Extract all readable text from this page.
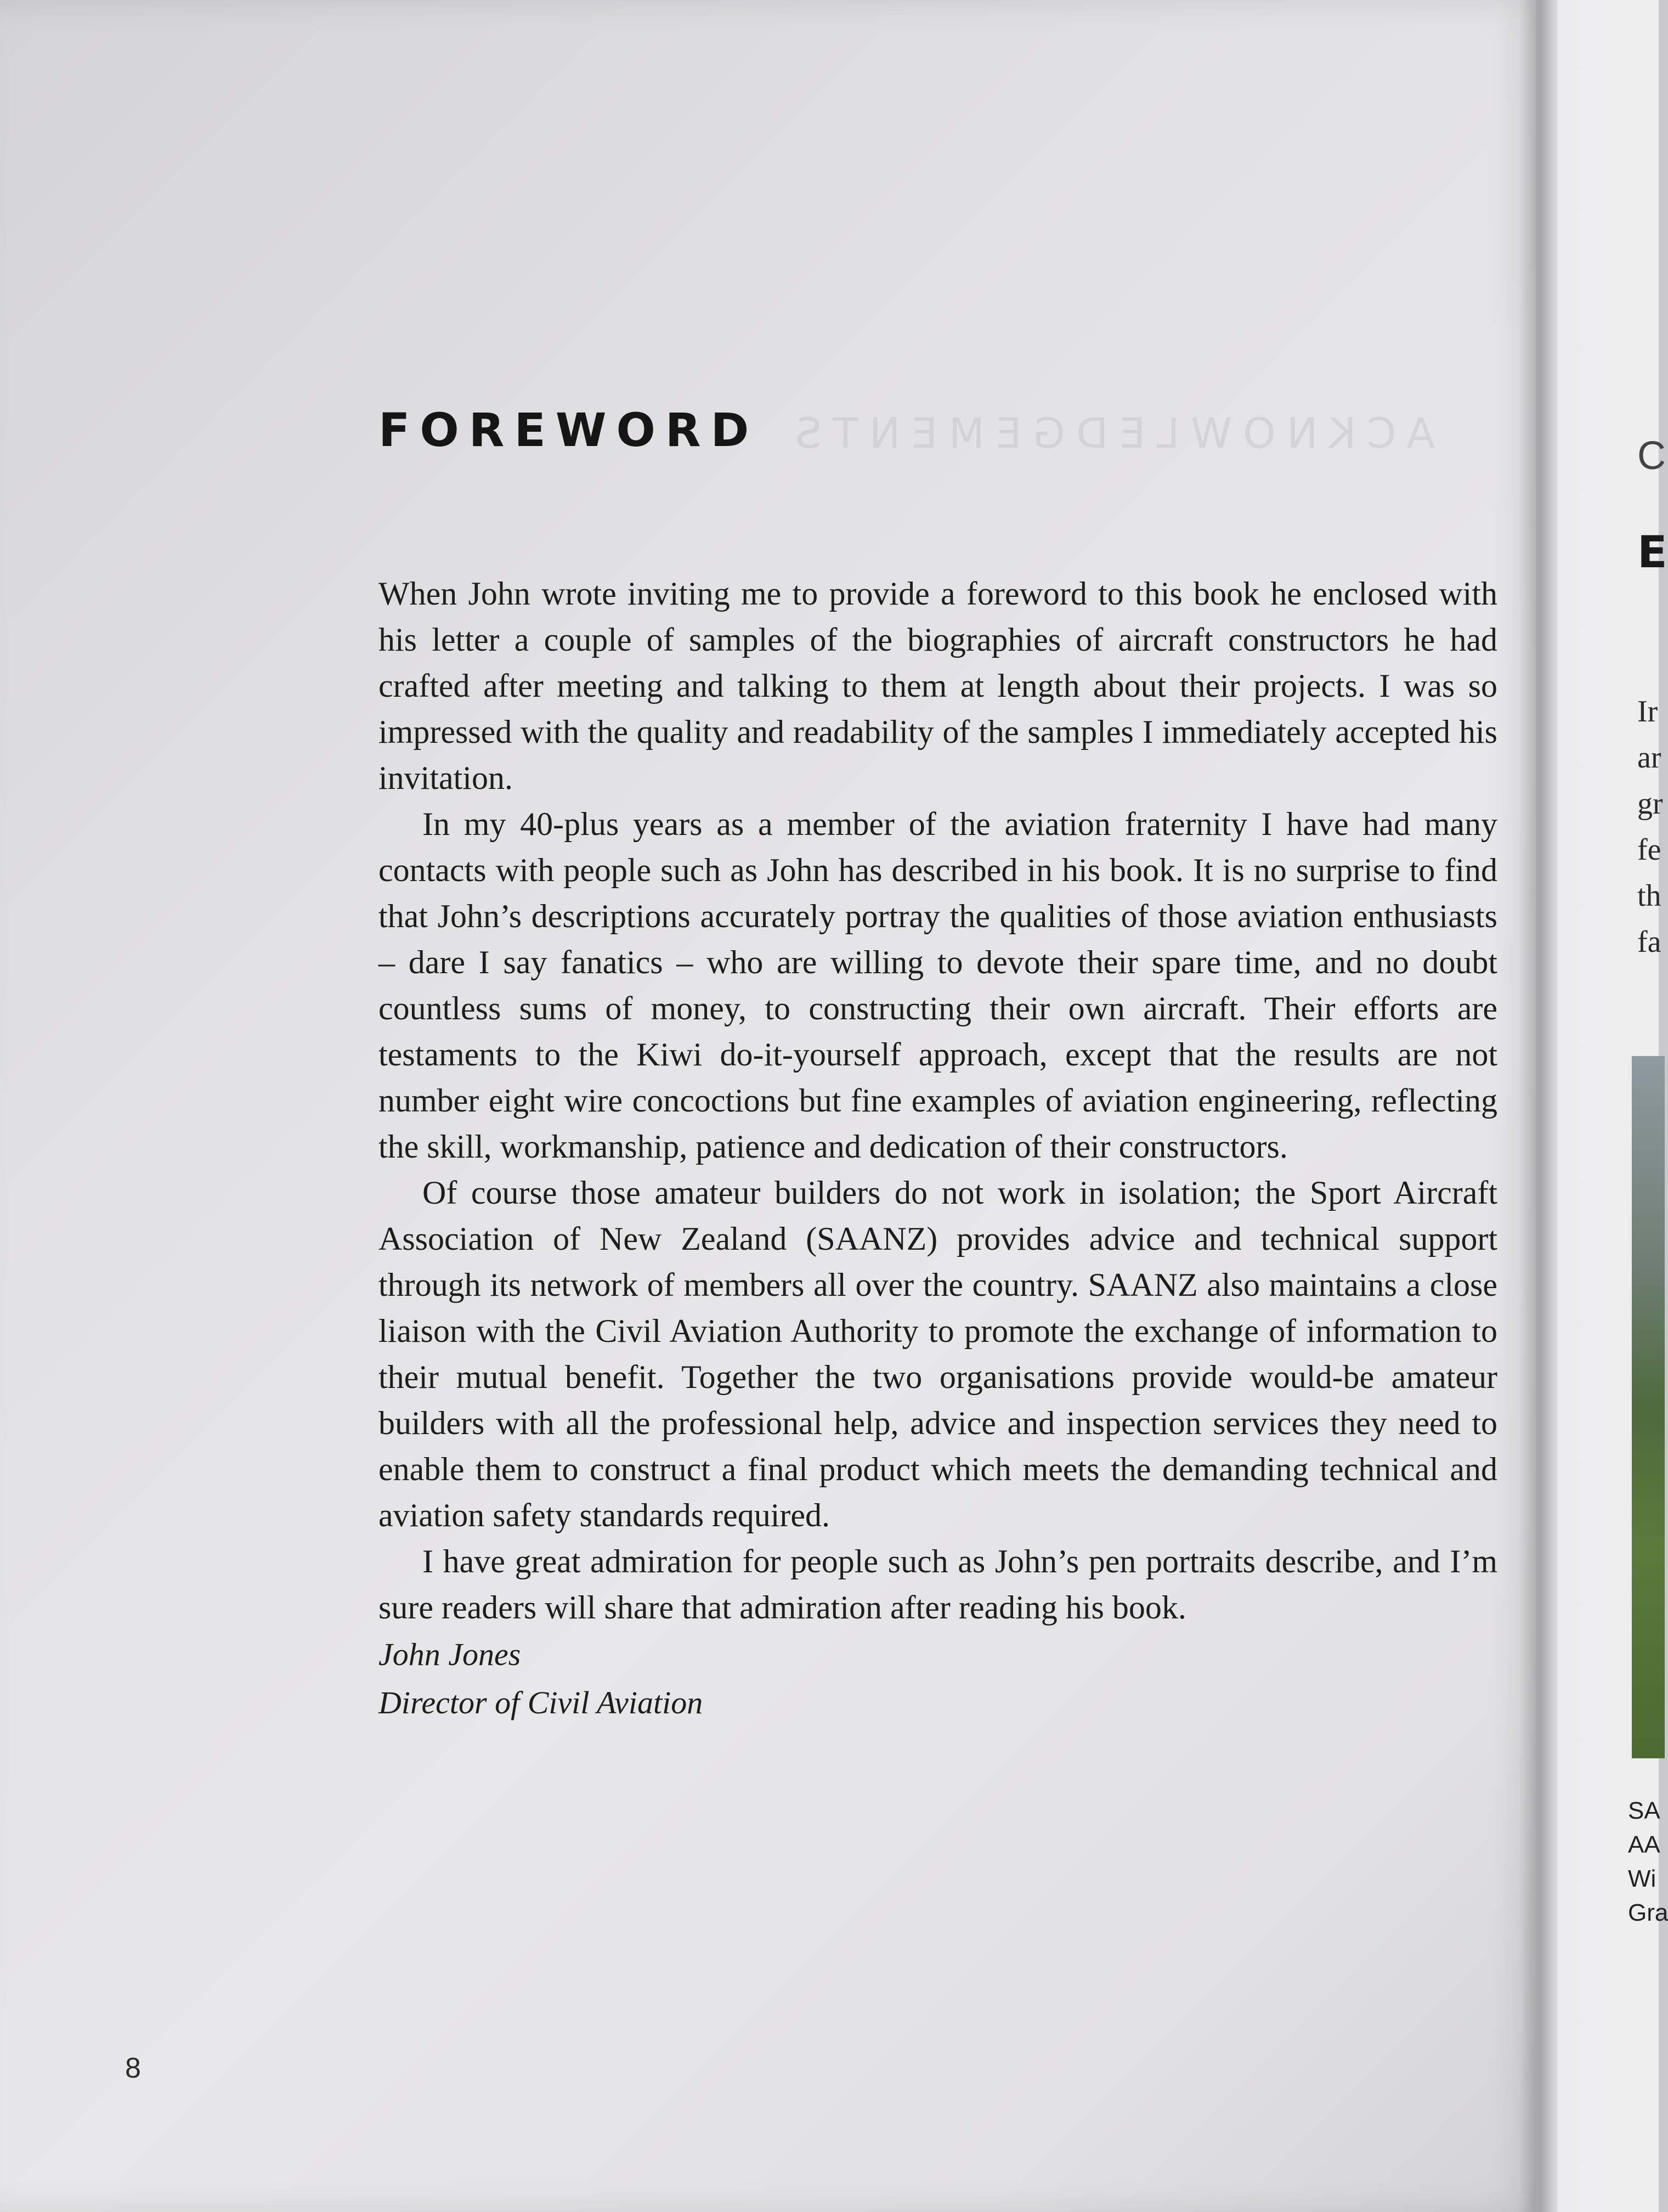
ACKNOWLEDGEMENTS
FOREWORD

When John wrote inviting me to provide a foreword to this book he enclosed with his letter a couple of samples of the biographies of aircraft constructors he had crafted after meeting and talking to them at length about their projects. I was so impressed with the quality and readability of the samples I immediately accepted his invitation.

In my 40-plus years as a member of the aviation fraternity I have had many contacts with people such as John has described in his book. It is no surprise to find that John’s descriptions accurately portray the qualities of those aviation enthusiasts – dare I say fanatics – who are willing to devote their spare time, and no doubt countless sums of money, to constructing their own aircraft. Their efforts are testaments to the Kiwi do-it-yourself approach, except that the results are not number eight wire concoctions but fine examples of aviation engineering, reflecting the skill, workmanship, patience and dedication of their constructors.

Of course those amateur builders do not work in isolation; the Sport Aircraft Association of New Zealand (SAANZ) provides advice and technical support through its network of members all over the country. SAANZ also maintains a close liaison with the Civil Aviation Authority to promote the exchange of information to their mutual benefit. Together the two organisations provide would-be amateur builders with all the professional help, advice and inspection services they need to enable them to construct a final product which meets the demanding technical and aviation safety standards required.

I have great admiration for people such as John’s pen portraits describe, and I’m sure readers will share that admiration after reading his book.

John Jones

Director of Civil Aviation

8
C
E
Ir
ar
gr
fe
th
fa
SA
AA
Wi
Gra
